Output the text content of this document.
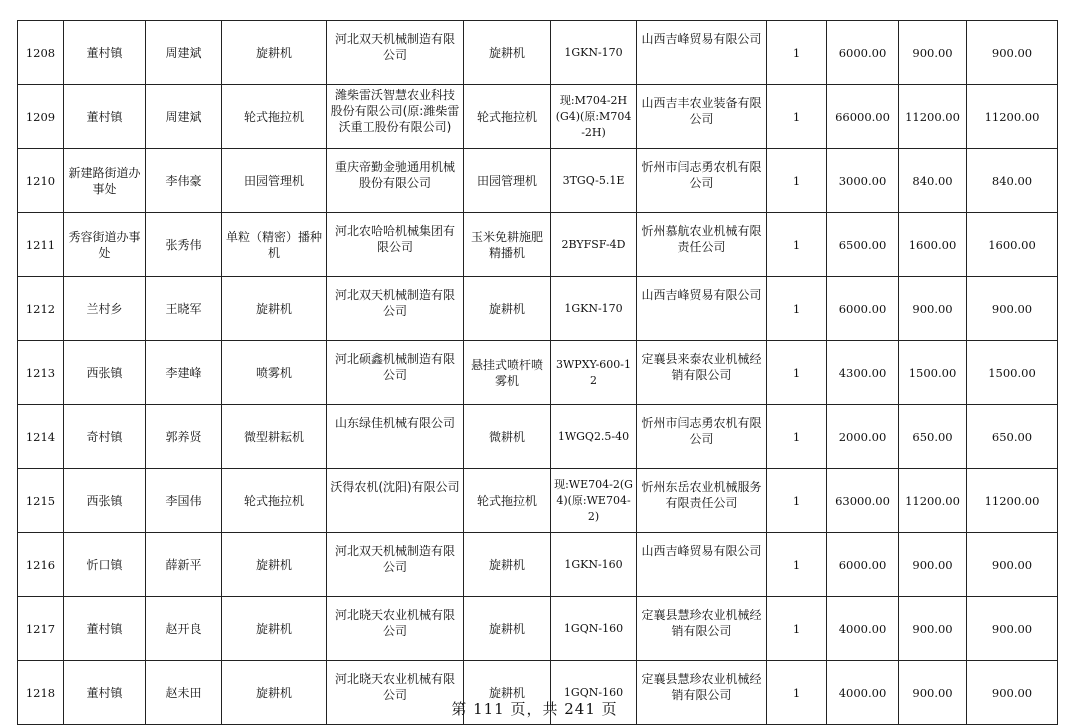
1208	董村镇	周建斌	旋耕机	河北双天机械制造有限公司	旋耕机	1GKN-170	山西吉峰贸易有限公司	1	6000.00	900.00	900.00
1209	董村镇	周建斌	轮式拖拉机	潍柴雷沃智慧农业科技股份有限公司(原:潍柴雷沃重工股份有限公司)	轮式拖拉机	现:M704-2H(G4)(原:M704-2H)	山西吉丰农业装备有限公司	1	66000.00	11200.00	11200.00
1210	新建路街道办事处	李伟豪	田园管理机	重庆帝勤金驰通用机械股份有限公司	田园管理机	3TGQ-5.1E	忻州市闫志勇农机有限公司	1	3000.00	840.00	840.00
1211	秀容街道办事处	张秀伟	单粒（精密）播种机	河北农哈哈机械集团有限公司	玉米免耕施肥精播机	2BYFSF-4D	忻州慕航农业机械有限责任公司	1	6500.00	1600.00	1600.00
1212	兰村乡	王晓军	旋耕机	河北双天机械制造有限公司	旋耕机	1GKN-170	山西吉峰贸易有限公司	1	6000.00	900.00	900.00
1213	西张镇	李建峰	喷雾机	河北硕鑫机械制造有限公司	悬挂式喷杆喷雾机	3WPXY-600-12	定襄县来泰农业机械经销有限公司	1	4300.00	1500.00	1500.00
1214	奇村镇	郭养贤	微型耕耘机	山东绿佳机械有限公司	微耕机	1WGQ2.5-40	忻州市闫志勇农机有限公司	1	2000.00	650.00	650.00
1215	西张镇	李国伟	轮式拖拉机	沃得农机(沈阳)有限公司	轮式拖拉机	现:WE704-2(G4)(原:WE704-2)	忻州东岳农业机械服务有限责任公司	1	63000.00	11200.00	11200.00
1216	忻口镇	薛新平	旋耕机	河北双天机械制造有限公司	旋耕机	1GKN-160	山西吉峰贸易有限公司	1	6000.00	900.00	900.00
1217	董村镇	赵开良	旋耕机	河北晓天农业机械有限公司	旋耕机	1GQN-160	定襄县慧珍农业机械经销有限公司	1	4000.00	900.00	900.00
1218	董村镇	赵未田	旋耕机	河北晓天农业机械有限公司	旋耕机	1GQN-160	定襄县慧珍农业机械经销有限公司	1	4000.00	900.00	900.00
第 111 页，共 241 页
